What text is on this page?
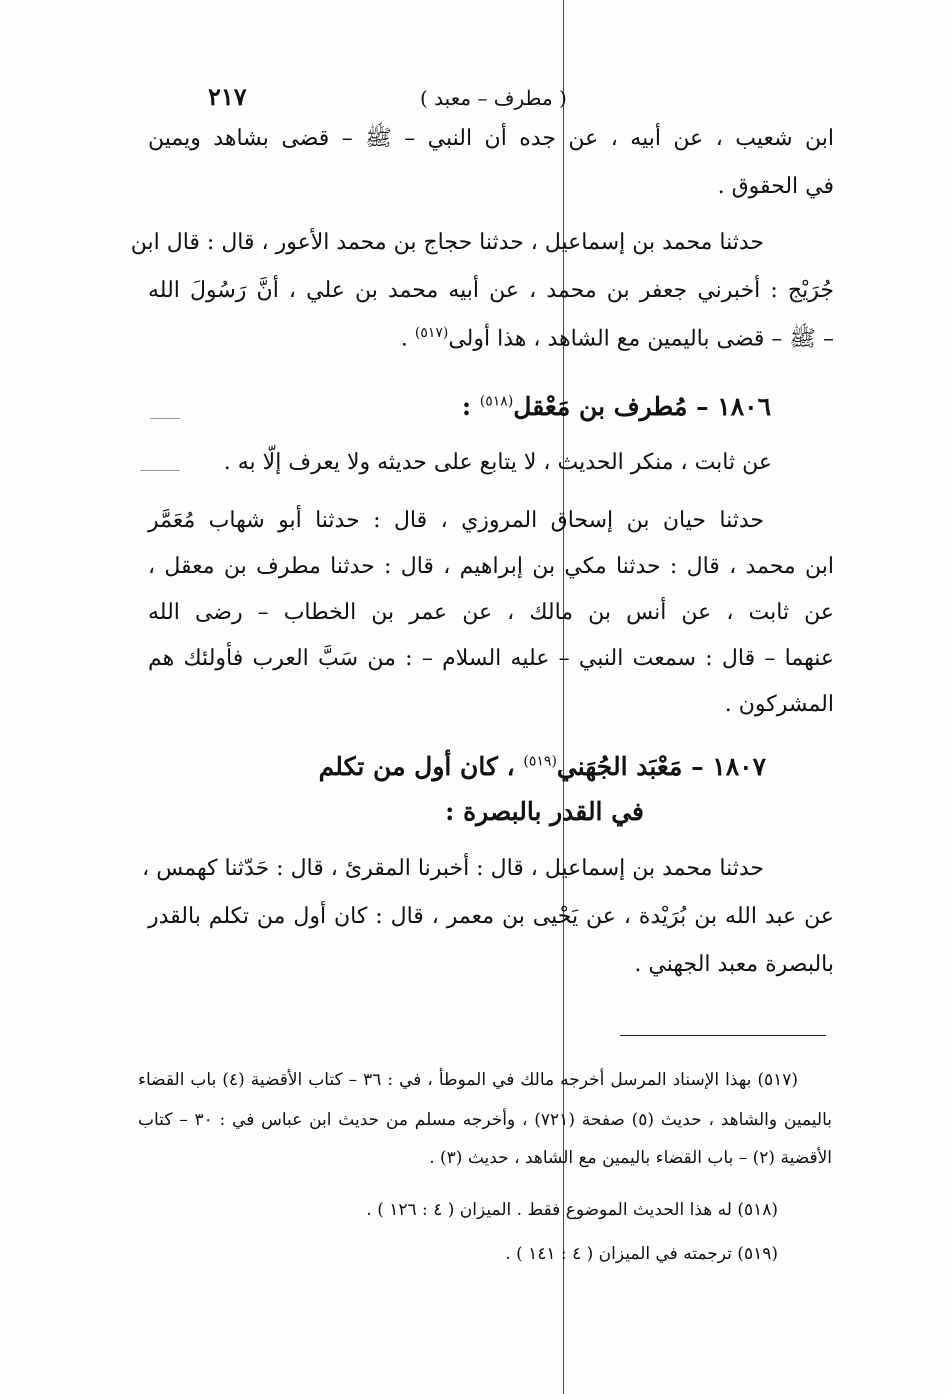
٢١٧	( مطرف – معبد )
ابن شعيب ، عن أبيه ، عن جده أن النبي – ﷺ – قضى بشاهد ويمين
في الحقوق .
حدثنا محمد بن إسماعيل ، حدثنا حجاج بن محمد الأعور ، قال : قال ابن
جُرَيْج : أخبرني جعفر بن محمد ، عن أبيه محمد بن علي ، أنَّ رَسُولَ الله
– ﷺ – قضى باليمين مع الشاهد ، هذا أولى$^{(٥١٧)}$ .
١٨٠٦ – مُطرف بن مَعْقل$^{(٥١٨)}$ :
عن ثابت ، منكر الحديث ، لا يتابع على حديثه ولا يعرف إلّا به .
حدثنا حيان بن إسحاق المروزي ، قال : حدثنا أبو شهاب مُعَمَّر
ابن محمد ، قال : حدثنا مكي بن إبراهيم ، قال : حدثنا مطرف بن معقل ،
عن ثابت ، عن أنس بن مالك ، عن عمر بن الخطاب – رضى الله
عنهما – قال : سمعت النبي – عليه السلام – : من سَبَّ العرب فأولئك هم
المشركون .
١٨٠٧ – مَعْبَد الجُهَني$^{(٥١٩)}$ ، كان أول من تكلم
في القدر بالبصرة :
حدثنا محمد بن إسماعيل ، قال : أخبرنا المقرئ ، قال : حَدّثنا كهمس ،
عن عبد الله بن بُرَيْدة ، عن يَحْيى بن معمر ، قال : كان أول من تكلم بالقدر
بالبصرة معبد الجهني .
(٥١٧) بهذا الإسناد المرسل أخرجه مالك في الموطأ ، في : ٣٦ – كتاب الأقضية (٤) باب القضاء
باليمين والشاهد ، حديث (٥) صفحة (٧٢١) ، وأخرجه مسلم من حديث ابن عباس في : ٣٠ – كتاب
الأقضية (٢) – باب القضاء باليمين مع الشاهد ، حديث (٣) .
(٥١٨) له هذا الحديث الموضوع فقط . الميزان ( ٤ : ١٢٦ ) .
(٥١٩) ترجمته في الميزان ( ٤ : ١٤١ ) .
